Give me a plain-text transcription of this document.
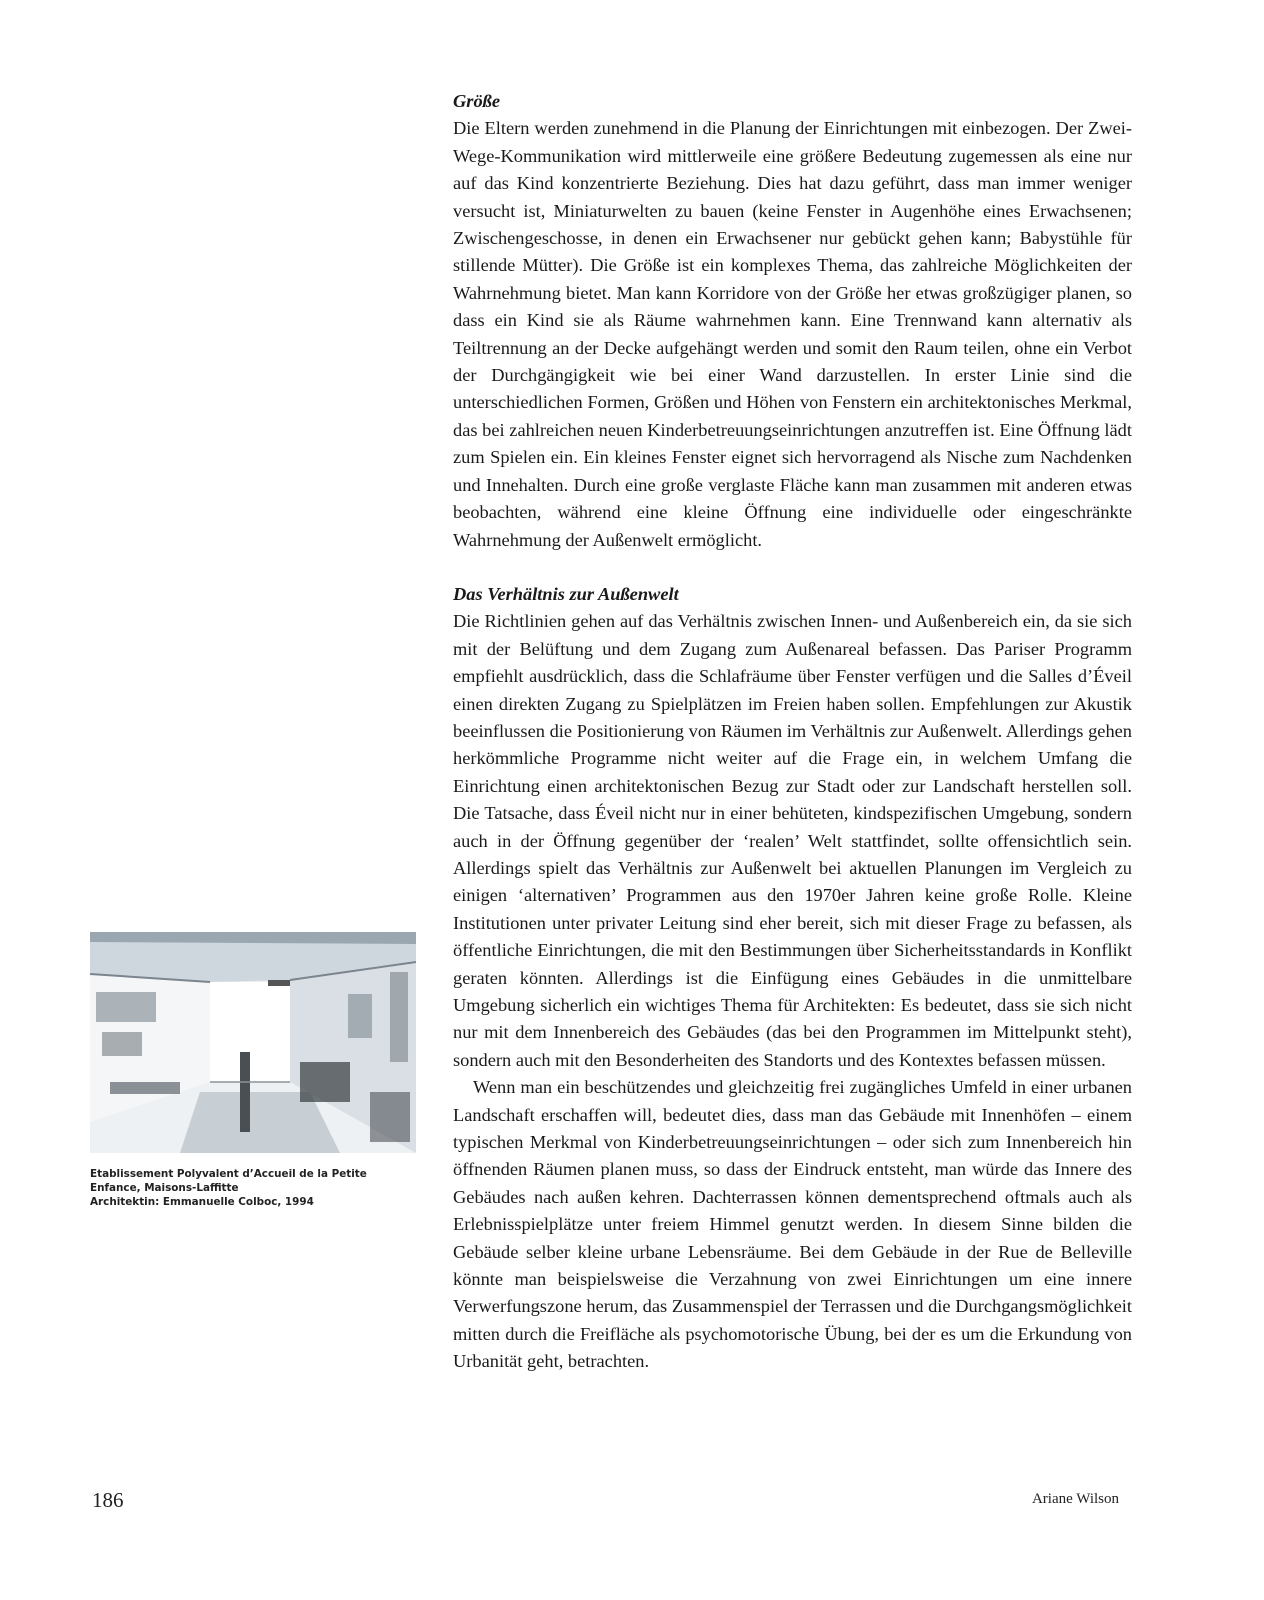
Größe

Die Eltern werden zunehmend in die Planung der Einrichtungen mit einbezogen. Der Zwei-Wege-Kommunikation wird mittlerweile eine größere Bedeutung zugemessen als eine nur auf das Kind konzentrierte Beziehung. Dies hat dazu geführt, dass man immer weniger versucht ist, Miniaturwelten zu bauen (keine Fenster in Augenhöhe eines Erwachsenen; Zwischengeschosse, in denen ein Erwachsener nur gebückt gehen kann; Babystühle für stillende Mütter). Die Größe ist ein komplexes Thema, das zahlreiche Möglichkeiten der Wahrnehmung bietet. Man kann Korridore von der Größe her etwas großzügiger planen, so dass ein Kind sie als Räume wahrnehmen kann. Eine Trennwand kann alternativ als Teiltrennung an der Decke aufgehängt werden und somit den Raum teilen, ohne ein Verbot der Durchgängigkeit wie bei einer Wand darzustellen. In erster Linie sind die unterschiedlichen Formen, Größen und Höhen von Fenstern ein architektonisches Merkmal, das bei zahlreichen neuen Kinderbetreuungseinrichtungen anzutreffen ist. Eine Öffnung lädt zum Spielen ein. Ein kleines Fenster eignet sich hervorragend als Nische zum Nachdenken und Innehalten. Durch eine große verglaste Fläche kann man zusammen mit anderen etwas beobachten, während eine kleine Öffnung eine individuelle oder eingeschränkte Wahrnehmung der Außenwelt ermöglicht.

Das Verhältnis zur Außenwelt

Die Richtlinien gehen auf das Verhältnis zwischen Innen- und Außenbereich ein, da sie sich mit der Belüftung und dem Zugang zum Außenareal befassen. Das Pariser Programm empfiehlt ausdrücklich, dass die Schlafräume über Fenster verfügen und die Salles d’Éveil einen direkten Zugang zu Spielplätzen im Freien haben sollen. Empfehlungen zur Akustik beeinflussen die Positionierung von Räumen im Verhältnis zur Außenwelt. Allerdings gehen herkömmliche Programme nicht weiter auf die Frage ein, in welchem Umfang die Einrichtung einen architektonischen Bezug zur Stadt oder zur Landschaft herstellen soll. Die Tatsache, dass Éveil nicht nur in einer behüteten, kindspezifischen Umgebung, sondern auch in der Öffnung gegenüber der ‘realen’ Welt stattfindet, sollte offensichtlich sein. Allerdings spielt das Verhältnis zur Außenwelt bei aktuellen Planungen im Vergleich zu einigen ‘alternativen’ Programmen aus den 1970er Jahren keine große Rolle. Kleine Institutionen unter privater Leitung sind eher bereit, sich mit dieser Frage zu befassen, als öffentliche Einrichtungen, die mit den Bestimmungen über Sicherheitsstandards in Konflikt geraten könnten. Allerdings ist die Einfügung eines Gebäudes in die unmittelbare Umgebung sicherlich ein wichtiges Thema für Architekten: Es bedeutet, dass sie sich nicht nur mit dem Innenbereich des Gebäudes (das bei den Programmen im Mittelpunkt steht), sondern auch mit den Besonderheiten des Standorts und des Kontextes befassen müssen.

Wenn man ein beschützendes und gleichzeitig frei zugängliches Umfeld in einer urbanen Landschaft erschaffen will, bedeutet dies, dass man das Gebäude mit Innenhöfen – einem typischen Merkmal von Kinderbetreuungseinrichtungen – oder sich zum Innenbereich hin öffnenden Räumen planen muss, so dass der Eindruck entsteht, man würde das Innere des Gebäudes nach außen kehren. Dachterrassen können dementsprechend oftmals auch als Erlebnisspielplätze unter freiem Himmel genutzt werden. In diesem Sinne bilden die Gebäude selber kleine urbane Lebensräume. Bei dem Gebäude in der Rue de Belleville könnte man beispielsweise die Verzahnung von zwei Einrichtungen um eine innere Verwerfungszone herum, das Zusammenspiel der Terrassen und die Durchgangsmöglichkeit mitten durch die Freifläche als psychomotorische Übung, bei der es um die Erkundung von Urbanität geht, betrachten.

Etablissement Polyvalent d’Accueil de la Petite Enfance, Maisons-Laffitte
Architektin: Emmanuelle Colboc, 1994
186	Ariane Wilson
